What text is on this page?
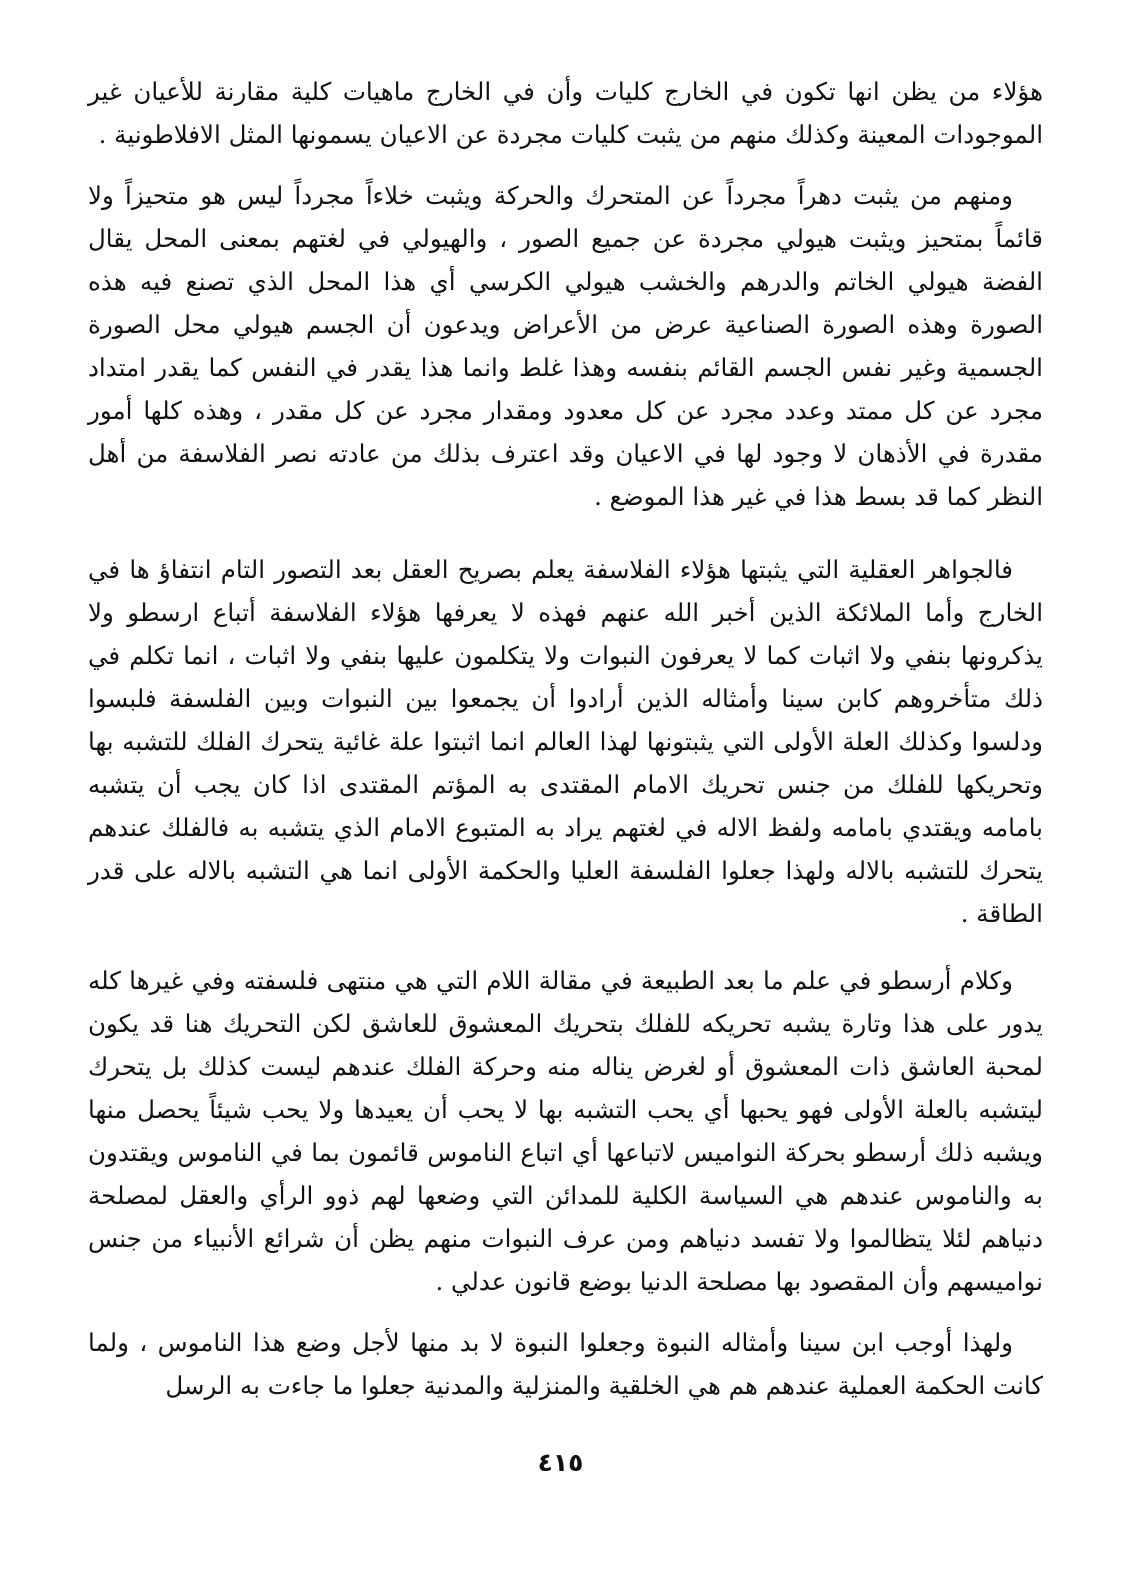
هؤلاء من يظن انها تكون في الخارج كليات وأن في الخارج ماهيات كلية مقارنة للأعيان غير الموجودات المعينة وكذلك منهم من يثبت كليات مجردة عن الاعيان يسمونها المثل الافلاطونية .

ومنهم من يثبت دهراً مجرداً عن المتحرك والحركة ويثبت خلاءاً مجرداً ليس هو متحيزاً ولا قائماً بمتحيز ويثبت هيولي مجردة عن جميع الصور ، والهيولي في لغتهم بمعنى المحل يقال الفضة هيولي الخاتم والدرهم والخشب هيولي الكرسي أي هذا المحل الذي تصنع فيه هذه الصورة وهذه الصورة الصناعية عرض من الأعراض ويدعون أن الجسم هيولي محل الصورة الجسمية وغير نفس الجسم القائم بنفسه وهذا غلط وانما هذا يقدر في النفس كما يقدر امتداد مجرد عن كل ممتد وعدد مجرد عن كل معدود ومقدار مجرد عن كل مقدر ، وهذه كلها أمور مقدرة في الأذهان لا وجود لها في الاعيان وقد اعترف بذلك من عادته نصر الفلاسفة من أهل النظر كما قد بسط هذا في غير هذا الموضع .

فالجواهر العقلية التي يثبتها هؤلاء الفلاسفة يعلم بصريح العقل بعد التصور التام انتفاؤ ها في الخارج وأما الملائكة الذين أخبر الله عنهم فهذه لا يعرفها هؤلاء الفلاسفة أتباع ارسطو ولا يذكرونها بنفي ولا اثبات كما لا يعرفون النبوات ولا يتكلمون عليها بنفي ولا اثبات ، انما تكلم في ذلك متأخروهم كابن سينا وأمثاله الذين أرادوا أن يجمعوا بين النبوات وبين الفلسفة فلبسوا ودلسوا وكذلك العلة الأولى التي يثبتونها لهذا العالم انما اثبتوا علة غائية يتحرك الفلك للتشبه بها وتحريكها للفلك من جنس تحريك الامام المقتدى به المؤتم المقتدى اذا كان يجب أن يتشبه بامامه ويقتدي بامامه ولفظ الاله في لغتهم يراد به المتبوع الامام الذي يتشبه به فالفلك عندهم يتحرك للتشبه بالاله ولهذا جعلوا الفلسفة العليا والحكمة الأولى انما هي التشبه بالاله على قدر الطاقة .

وكلام أرسطو في علم ما بعد الطبيعة في مقالة اللام التي هي منتهى فلسفته وفي غيرها كله يدور على هذا وتارة يشبه تحريكه للفلك بتحريك المعشوق للعاشق لكن التحريك هنا قد يكون لمحبة العاشق ذات المعشوق أو لغرض يناله منه وحركة الفلك عندهم ليست كذلك بل يتحرك ليتشبه بالعلة الأولى فهو يحبها أي يحب التشبه بها لا يحب أن يعيدها ولا يحب شيئاً يحصل منها ويشبه ذلك أرسطو بحركة النواميس لاتباعها أي اتباع الناموس قائمون بما في الناموس ويقتدون به والناموس عندهم هي السياسة الكلية للمدائن التي وضعها لهم ذوو الرأي والعقل لمصلحة دنياهم لئلا يتظالموا ولا تفسد دنياهم ومن عرف النبوات منهم يظن أن شرائع الأنبياء من جنس نواميسهم وأن المقصود بها مصلحة الدنيا بوضع قانون عدلي .

ولهذا أوجب ابن سينا وأمثاله النبوة وجعلوا النبوة لا بد منها لأجل وضع هذا الناموس ، ولما كانت الحكمة العملية عندهم هم هي الخلقية والمنزلية والمدنية جعلوا ما جاءت به الرسل

٤١٥
